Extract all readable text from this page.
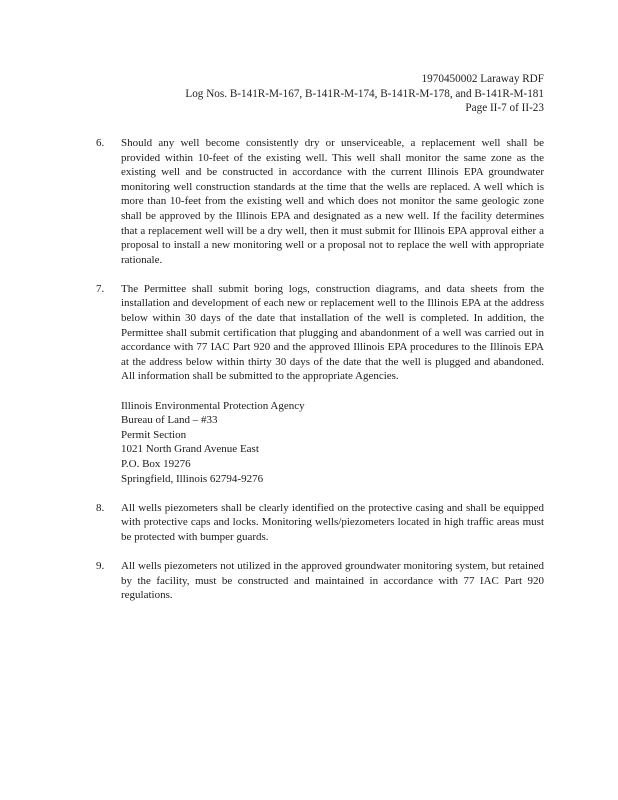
1970450002 Laraway RDF
Log Nos. B-141R-M-167, B-141R-M-174, B-141R-M-178, and B-141R-M-181
Page II-7 of II-23
6. Should any well become consistently dry or unserviceable, a replacement well shall be provided within 10-feet of the existing well. This well shall monitor the same zone as the existing well and be constructed in accordance with the current Illinois EPA groundwater monitoring well construction standards at the time that the wells are replaced. A well which is more than 10-feet from the existing well and which does not monitor the same geologic zone shall be approved by the Illinois EPA and designated as a new well. If the facility determines that a replacement well will be a dry well, then it must submit for Illinois EPA approval either a proposal to install a new monitoring well or a proposal not to replace the well with appropriate rationale.
7. The Permittee shall submit boring logs, construction diagrams, and data sheets from the installation and development of each new or replacement well to the Illinois EPA at the address below within 30 days of the date that installation of the well is completed. In addition, the Permittee shall submit certification that plugging and abandonment of a well was carried out in accordance with 77 IAC Part 920 and the approved Illinois EPA procedures to the Illinois EPA at the address below within thirty 30 days of the date that the well is plugged and abandoned. All information shall be submitted to the appropriate Agencies.
Illinois Environmental Protection Agency
Bureau of Land – #33
Permit Section
1021 North Grand Avenue East
P.O. Box 19276
Springfield, Illinois 62794-9276
8. All wells piezometers shall be clearly identified on the protective casing and shall be equipped with protective caps and locks. Monitoring wells/piezometers located in high traffic areas must be protected with bumper guards.
9. All wells piezometers not utilized in the approved groundwater monitoring system, but retained by the facility, must be constructed and maintained in accordance with 77 IAC Part 920 regulations.
